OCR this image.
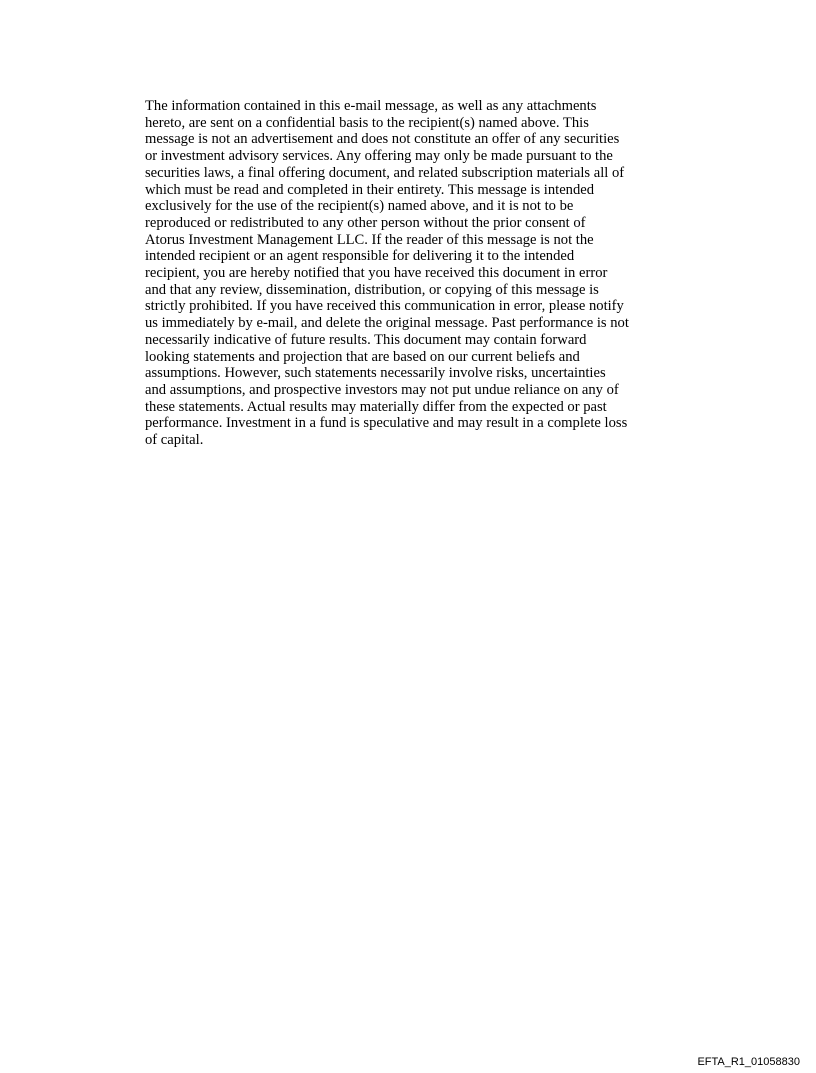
The information contained in this e-mail message, as well as any attachments
hereto, are sent on a confidential basis to the recipient(s) named above. This
message is not an advertisement and does not constitute an offer of any securities
or investment advisory services. Any offering may only be made pursuant to the
securities laws, a final offering document, and related subscription materials all of
which must be read and completed in their entirety. This message is intended
exclusively for the use of the recipient(s) named above, and it is not to be
reproduced or redistributed to any other person without the prior consent of
Atorus Investment Management LLC. If the reader of this message is not the
intended recipient or an agent responsible for delivering it to the intended
recipient, you are hereby notified that you have received this document in error
and that any review, dissemination, distribution, or copying of this message is
strictly prohibited. If you have received this communication in error, please notify
us immediately by e-mail, and delete the original message. Past performance is not
necessarily indicative of future results. This document may contain forward
looking statements and projection that are based on our current beliefs and
assumptions. However, such statements necessarily involve risks, uncertainties
and assumptions, and prospective investors may not put undue reliance on any of
these statements. Actual results may materially differ from the expected or past
performance. Investment in a fund is speculative and may result in a complete loss
of capital.

EFTA_R1_01058830
